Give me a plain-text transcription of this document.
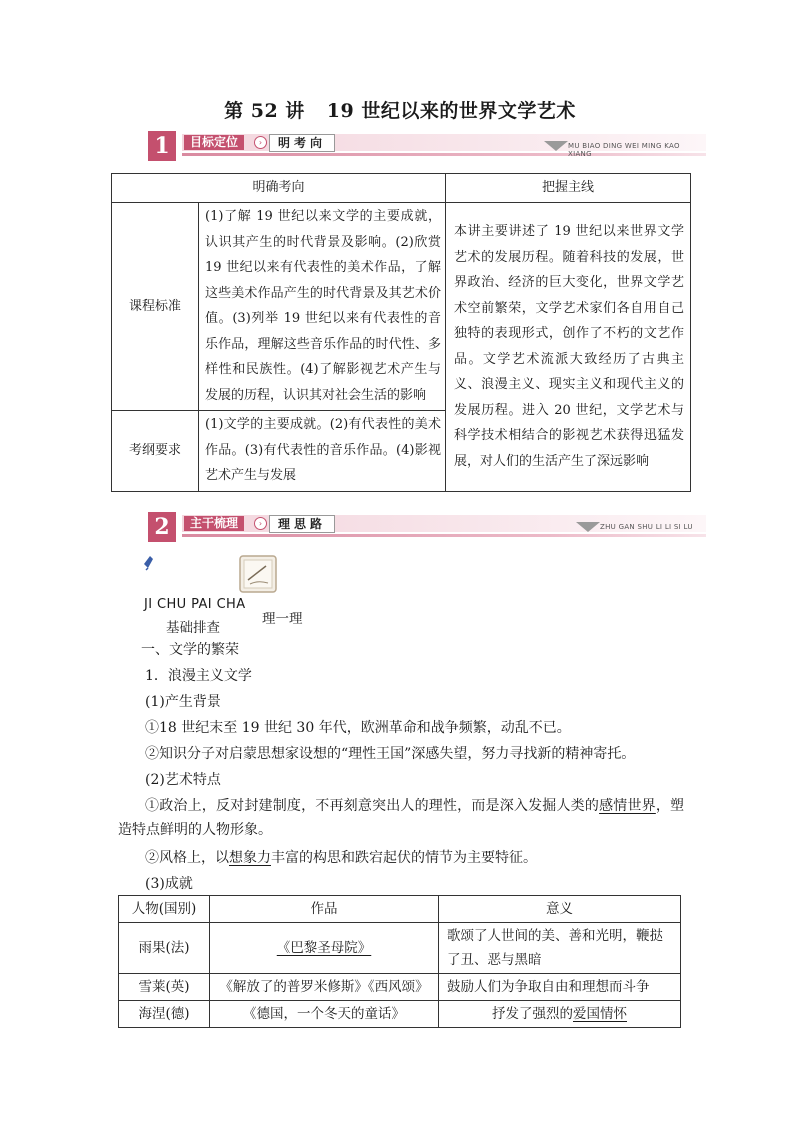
第 52 讲 19 世纪以来的世界文学艺术
1	目标定位	›	明考向	MU BIAO DING WEI MING KAO XIANG
明确考向		把握主线
课程标准	(1)了解 19 世纪以来文学的主要成就，认识其产生的时代背景及影响。(2)欣赏 19 世纪以来有代表性的美术作品，了解这些美术作品产生的时代背景及其艺术价值。(3)列举 19 世纪以来有代表性的音乐作品，理解这些音乐作品的时代性、多样性和民族性。(4)了解影视艺术产生与发展的历程，认识其对社会生活的影响	本讲主要讲述了 19 世纪以来世界文学艺术的发展历程。随着科技的发展，世界政治、经济的巨大变化，世界文学艺术空前繁荣，文学艺术家们各自用自己独特的表现形式，创作了不朽的文艺作品。文学艺术流派大致经历了古典主义、浪漫主义、现实主义和现代主义的发展历程。进入 20 世纪，文学艺术与科学技术相结合的影视艺术获得迅猛发展，对人们的生活产生了深远影响
考纲要求	(1)文学的主要成就。(2)有代表性的美术作品。(3)有代表性的音乐作品。(4)影视艺术产生与发展	
2	主干梳理	›	理思路	ZHU GAN SHU LI LI SI LU
JI CHU PAI CHA
基础排查
理一理
一、文学的繁荣
1．浪漫主义文学
(1)产生背景
①18 世纪末至 19 世纪 30 年代，欧洲革命和战争频繁，动乱不已。
②知识分子对启蒙思想家设想的“理性王国”深感失望，努力寻找新的精神寄托。
(2)艺术特点
①政治上，反对封建制度，不再刻意突出人的理性，而是深入发掘人类的感情世界，塑造特点鲜明的人物形象。
②风格上，以想象力丰富的构思和跌宕起伏的情节为主要特征。
(3)成就
人物(国别)	作品	意义
雨果(法)	《巴黎圣母院》	歌颂了人世间的美、善和光明，鞭挞了丑、恶与黑暗
雪莱(英)	《解放了的普罗米修斯》《西风颂》	鼓励人们为争取自由和理想而斗争
海涅(德)	《德国，一个冬天的童话》	抒发了强烈的爱国情怀
